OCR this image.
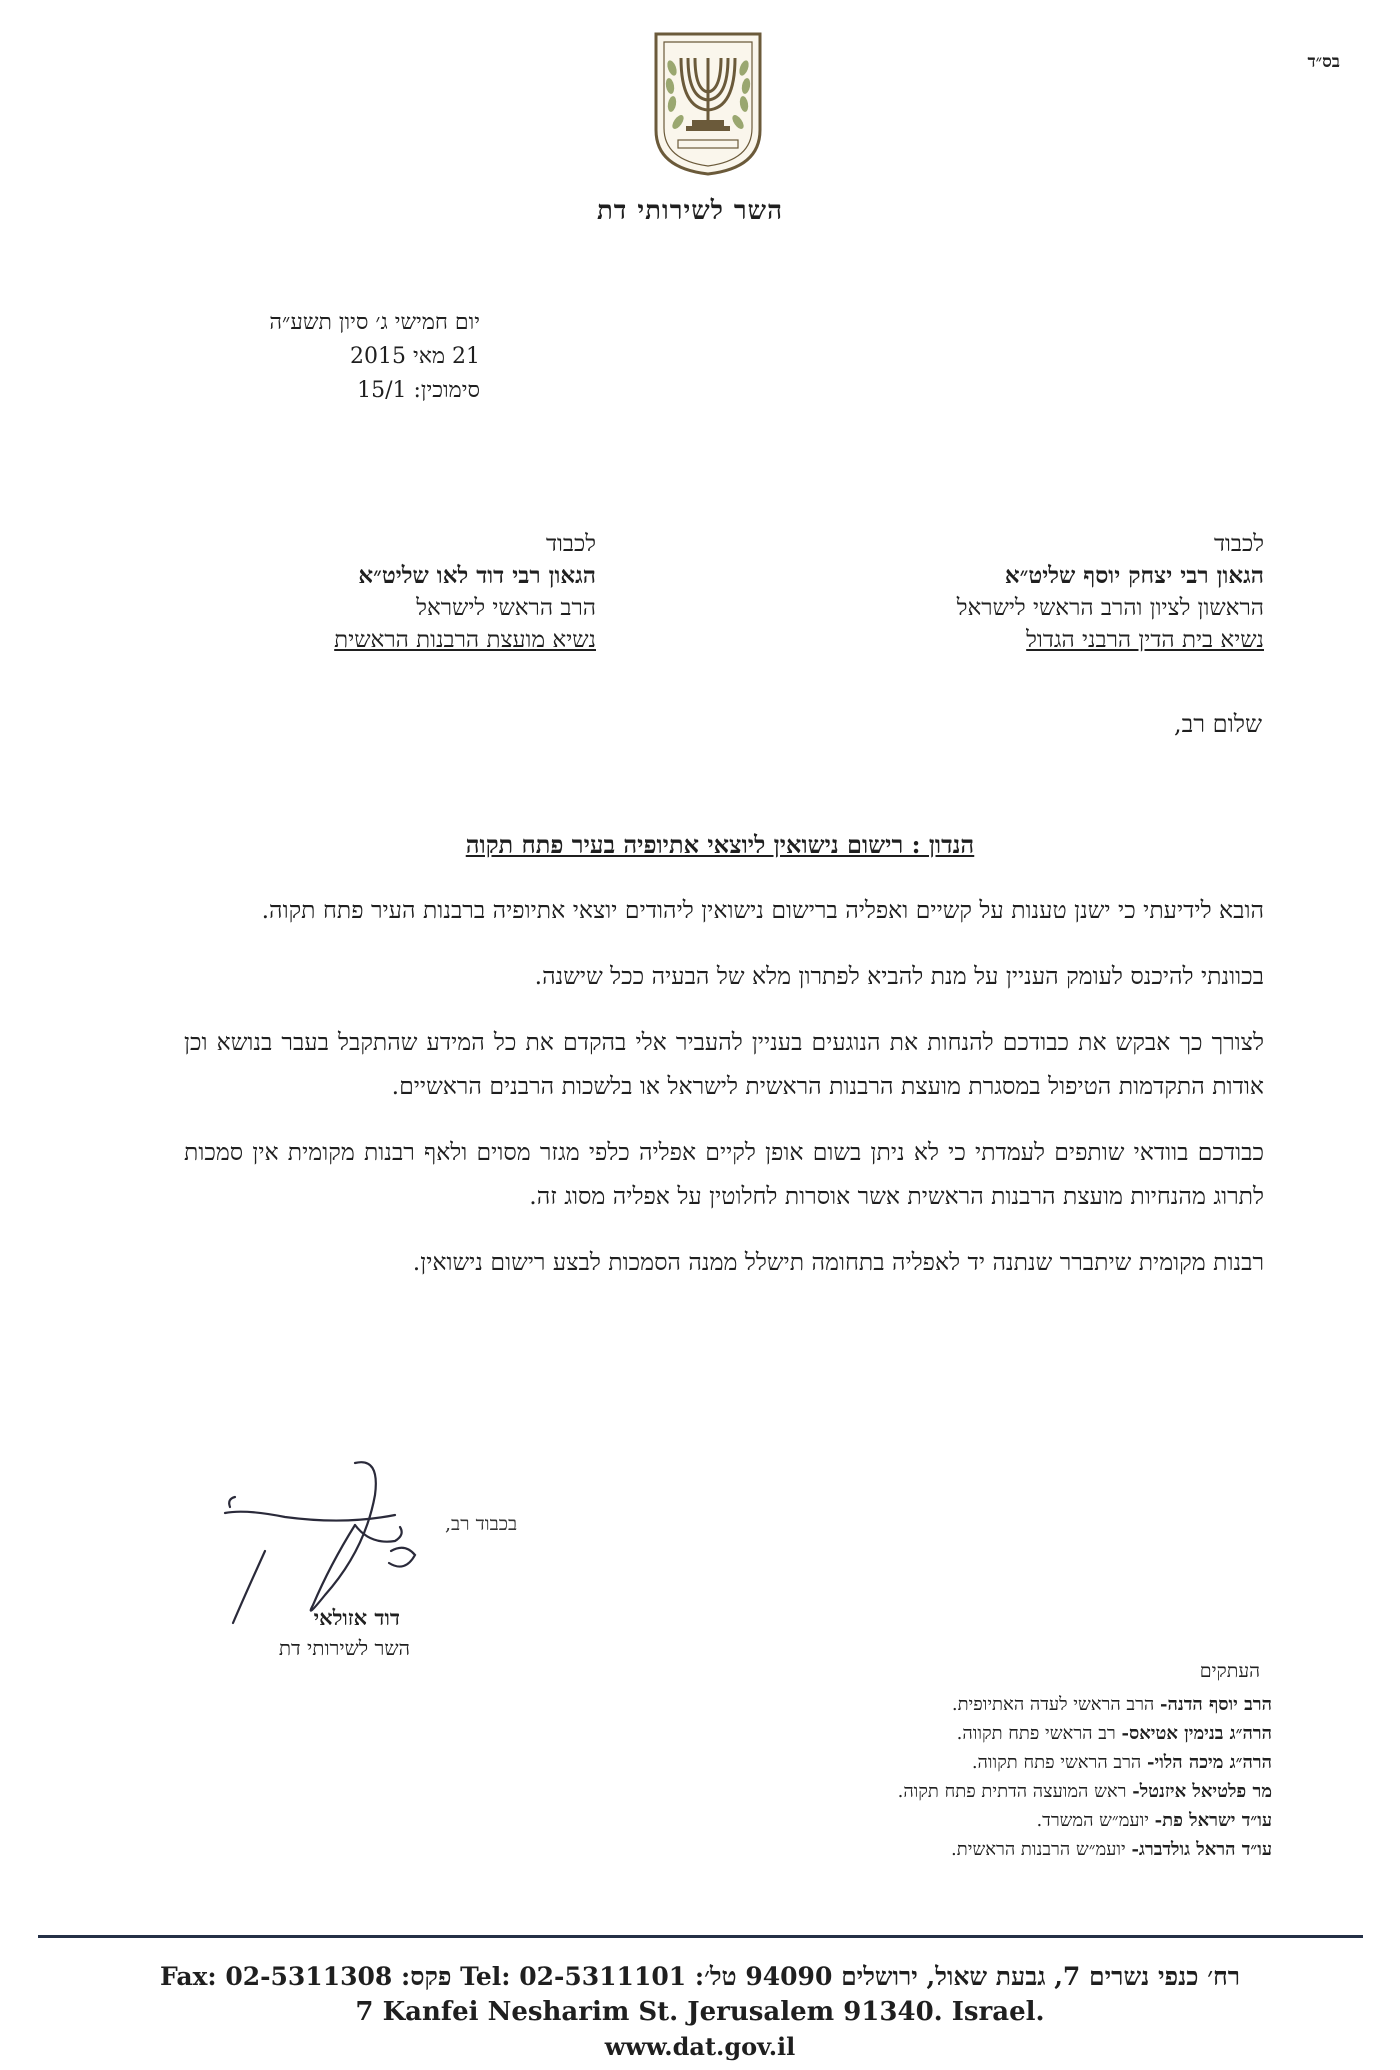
בס״ד
השר לשירותי דת
יום חמישי ג׳ סיון תשע״ה
21 מאי 2015
סימוכין: 15/1
לכבוד
הגאון רבי יצחק יוסף שליט״א
הראשון לציון והרב הראשי לישראל
נשיא בית הדין הרבני הגדול
לכבוד
הגאון רבי דוד לאו שליט״א
הרב הראשי לישראל
נשיא מועצת הרבנות הראשית
שלום רב,
הנדון : רישום נישואין ליוצאי אתיופיה בעיר פתח תקוה

הובא לידיעתי כי ישנן טענות על קשיים ואפליה ברישום נישואין ליהודים יוצאי אתיופיה ברבנות העיר פתח תקוה.

בכוונתי להיכנס לעומק העניין על מנת להביא לפתרון מלא של הבעיה ככל שישנה.

לצורך כך אבקש את כבודכם להנחות את הנוגעים בעניין להעביר אלי בהקדם את כל המידע שהתקבל בעבר בנושא וכן אודות התקדמות הטיפול במסגרת מועצת הרבנות הראשית לישראל או בלשכות הרבנים הראשיים.

כבודכם בוודאי שותפים לעמדתי כי לא ניתן בשום אופן לקיים אפליה כלפי מגזר מסוים ולאף רבנות מקומית אין סמכות לתרוג מהנחיות מועצת הרבנות הראשית אשר אוסרות לחלוטין על אפליה מסוג זה.

רבנות מקומית שיתברר שנתנה יד לאפליה בתחומה תישלל ממנה הסמכות לבצע רישום נישואין.

בכבוד רב,
דוד אזולאי
השר לשירותי דת
העתקים
הרב יוסף הדנה- הרב הראשי לעדה האתיופית.
הרה״ג בנימין אטיאס- רב הראשי פתח תקווה.
הרה״ג מיכה הלוי- הרב הראשי פתח תקווה.
מר פלטיאל איזנטל- ראש המועצה הדתית פתח תקוה.
עו״ד ישראל פת- יועמ״ש המשרד.
עו״ד הראל גולדברג- יועמ״ש הרבנות הראשית.
רח׳ כנפי נשרים 7, גבעת שאול, ירושלים 94090 טל׳: Tel: 02-5311101 פקס: Fax: 02-5311308
7 Kanfei Nesharim St. Jerusalem 91340. Israel.
www.dat.gov.il
